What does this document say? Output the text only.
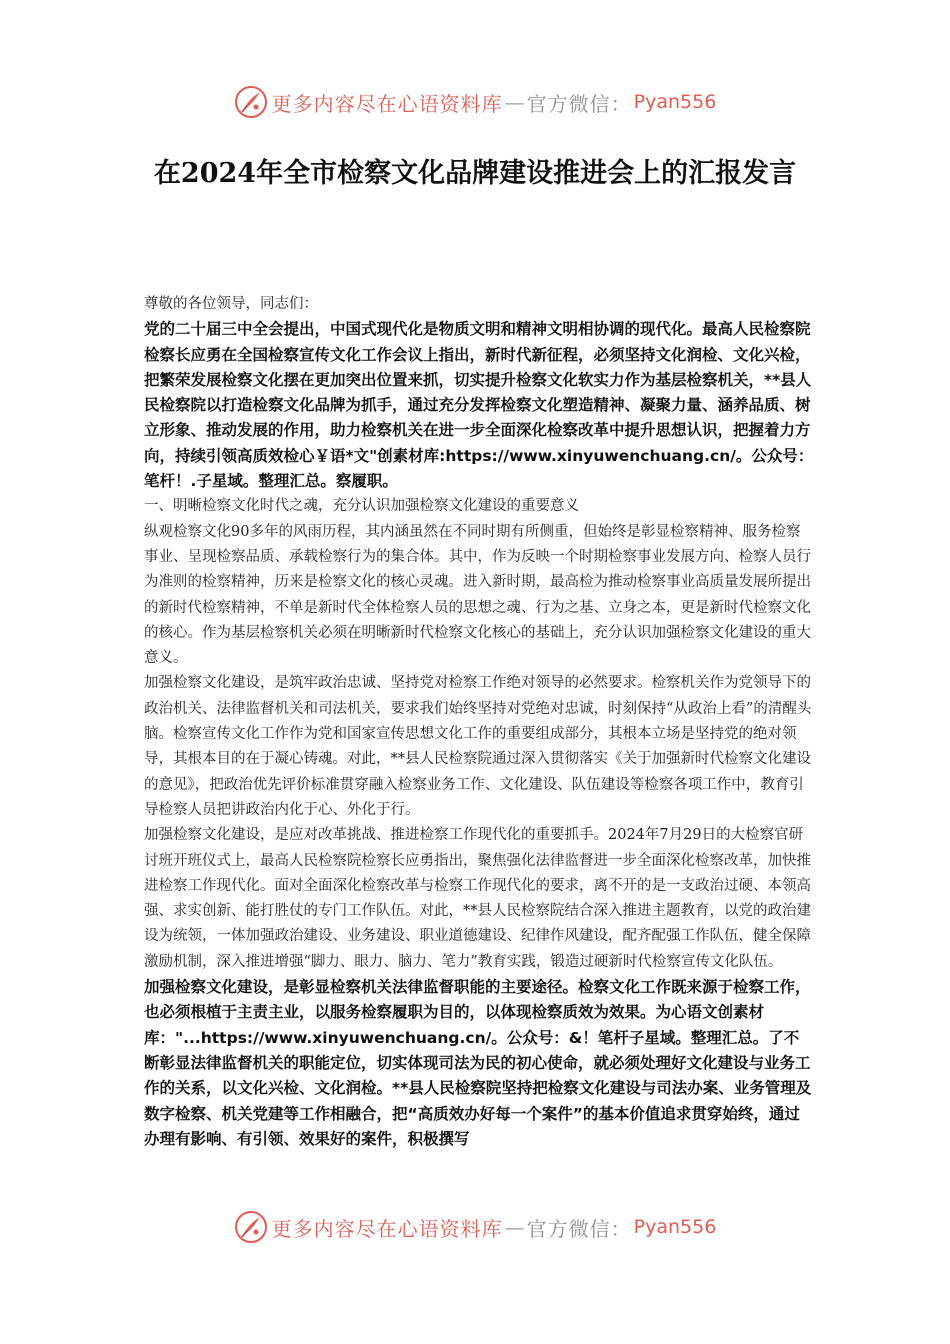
更多内容尽在心语资料库 — 官方微信： Pyan556
在2024年全市检察文化品牌建设推进会上的汇报发言

尊敬的各位领导，同志们：

党的二十届三中全会提出，中国式现代化是物质文明和精神文明相协调的现代化。最高人民检察院检察长应勇在全国检察宣传文化工作会议上指出，新时代新征程，必须坚持文化润检、文化兴检，把繁荣发展检察文化摆在更加突出位置来抓，切实提升检察文化软实力作为基层检察机关，**县人民检察院以打造检察文化品牌为抓手，通过充分发挥检察文化塑造精神、凝聚力量、涵养品质、树立形象、推动发展的作用，助力检察机关在进一步全面深化检察改革中提升思想认识，把握着力方向，持续引领高质效检心￥语*文"创素材库:https://www.xinyuwenchuang.cn/。公众号：笔杆！.子星域。整理汇总。察履职。

一、明晰检察文化时代之魂，充分认识加强检察文化建设的重要意义

纵观检察文化90多年的风雨历程，其内涵虽然在不同时期有所侧重，但始终是彰显检察精神、服务检察事业、呈现检察品质、承载检察行为的集合体。其中，作为反映一个时期检察事业发展方向、检察人员行为准则的检察精神，历来是检察文化的核心灵魂。进入新时期，最高检为推动检察事业高质量发展所提出的新时代检察精神，不单是新时代全体检察人员的思想之魂、行为之基、立身之本，更是新时代检察文化的核心。作为基层检察机关必须在明晰新时代检察文化核心的基础上，充分认识加强检察文化建设的重大意义。

加强检察文化建设，是筑牢政治忠诚、坚持党对检察工作绝对领导的必然要求。检察机关作为党领导下的政治机关、法律监督机关和司法机关，要求我们始终坚持对党绝对忠诚，时刻保持“从政治上看”的清醒头脑。检察宣传文化工作作为党和国家宣传思想文化工作的重要组成部分，其根本立场是坚持党的绝对领导，其根本目的在于凝心铸魂。对此，**县人民检察院通过深入贯彻落实《关于加强新时代检察文化建设的意见》，把政治优先评价标准贯穿融入检察业务工作、文化建设、队伍建设等检察各项工作中，教育引导检察人员把讲政治内化于心、外化于行。

加强检察文化建设，是应对改革挑战、推进检察工作现代化的重要抓手。2024年7月29日的大检察官研讨班开班仪式上，最高人民检察院检察长应勇指出，聚焦强化法律监督进一步全面深化检察改革，加快推进检察工作现代化。面对全面深化检察改革与检察工作现代化的要求，离不开的是一支政治过硬、本领高强、求实创新、能打胜仗的专门工作队伍。对此，**县人民检察院结合深入推进主题教育，以党的政治建设为统领，一体加强政治建设、业务建设、职业道德建设、纪律作风建设，配齐配强工作队伍，健全保障激励机制，深入推进增强“脚力、眼力、脑力、笔力”教育实践，锻造过硬新时代检察宣传文化队伍。

加强检察文化建设，是彰显检察机关法律监督职能的主要途径。检察文化工作既来源于检察工作，也必须根植于主责主业，以服务检察履职为目的，以体现检察质效为效果。为心语文创素材库："...https://www.xinyuwenchuang.cn/。公众号：&！笔杆子星域。整理汇总。了不断彰显法律监督机关的职能定位，切实体现司法为民的初心使命，就必须处理好文化建设与业务工作的关系，以文化兴检、文化润检。**县人民检察院坚持把检察文化建设与司法办案、业务管理及数字检察、机关党建等工作相融合，把“高质效办好每一个案件”的基本价值追求贯穿始终，通过办理有影响、有引领、效果好的案件，积极撰写

更多内容尽在心语资料库 — 官方微信： Pyan556
